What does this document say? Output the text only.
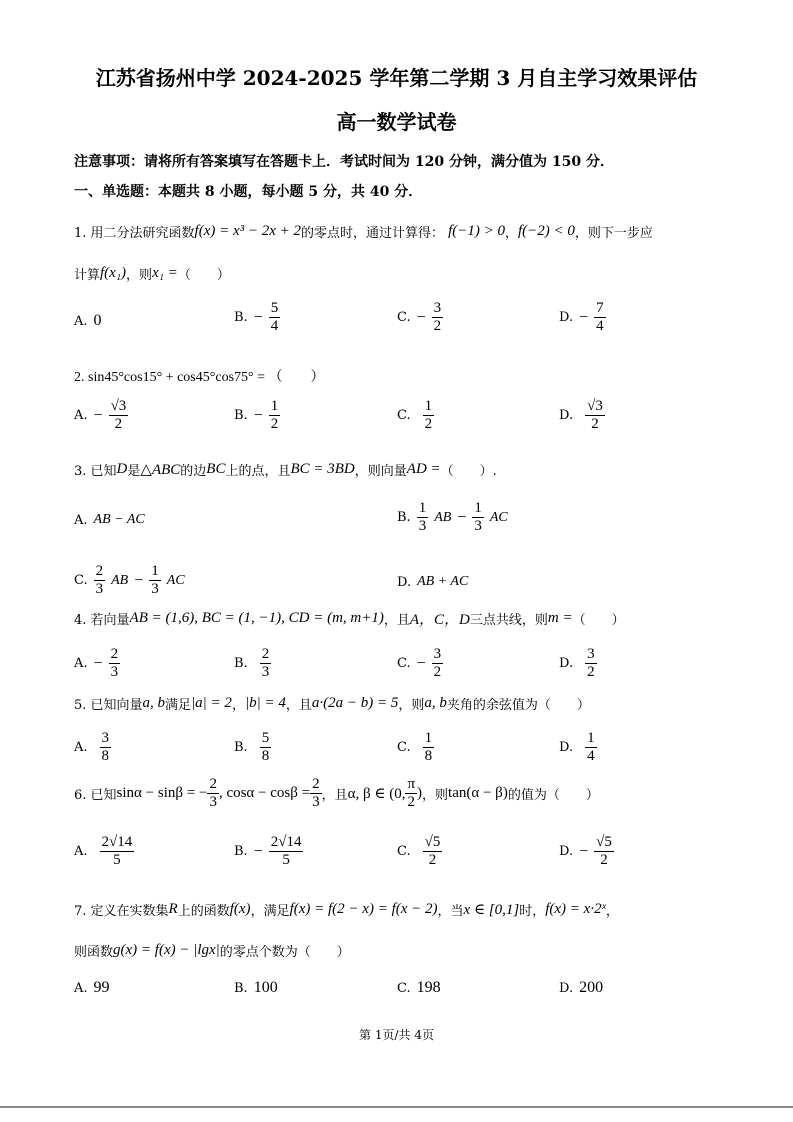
江苏省扬州中学 2024-2025 学年第二学期 3 月自主学习效果评估
高一数学试卷
注意事项：请将所有答案填写在答题卡上．考试时间为 120 分钟，满分值为 150 分．
一、单选题：本题共 8 小题，每小题 5 分，共 40 分．
1. 用二分法研究函数 f(x) = x³ − 2x + 2 的零点时，通过计算得： f(−1) > 0 ， f(−2) < 0 ，则下一步应
计算 f(x₁) ，则 x₁ = （　　）
A. 0	B. − $\frac{5}{4}$	C. − $\frac{3}{2}$	D. − $\frac{7}{4}$
2. sin45°cos15° + cos45°cos75° = （　　）
A. − $\frac{√3}{2}$	B. − $\frac{1}{2}$	C. $\frac{1}{2}$	D. $\frac{√3}{2}$
3. 已知 D 是 △ABC 的边 BC 上的点，且 BC = 3BD ，则向量 AD = （　　）.
A. AB − AC	B. $\frac{1}{3}$ AB − $\frac{1}{3}$ AC
C. $\frac{2}{3}$ AB − $\frac{1}{3}$ AC	D. AB + AC
4. 若向量 AB = (1,6), BC = (1, −1), CD = (m, m+1) ，且 A，C，D 三点共线，则 m = （　　）
A. − $\frac{2}{3}$	B. $\frac{2}{3}$	C. − $\frac{3}{2}$	D. $\frac{3}{2}$
5. 已知向量 a, b 满足 |a| = 2 ， |b| = 4 ，且 a·(2a − b) = 5 ，则 a, b 夹角的余弦值为（　　）
A. $\frac{3}{8}$	B. $\frac{5}{8}$	C. $\frac{1}{8}$	D. $\frac{1}{4}$
6. 已知 sinα − sinβ = − $\frac{2}{3}$ , $\cos\alpha - \cos\beta = \frac{2}{3}$ ，且 α, β ∈ (0, $\frac{\pi}{2}$ ) ，则 tan(α − β) 的值为（　　）
A. $\frac{2√14}{5}$	B. − $\frac{2√14}{5}$	C. $\frac{√5}{2}$	D. − $\frac{√5}{2}$
7. 定义在实数集 R 上的函数 f(x) ，满足 f(x) = f(2 − x) = f(x − 2) ，当 x ∈ [0,1] 时， f(x) = x·2ˣ ，
则函数 g(x) = f(x) − |lgx| 的零点个数为（　　）
A. 99	B. 100	C. 198	D. 200
第 1页/共 4页
